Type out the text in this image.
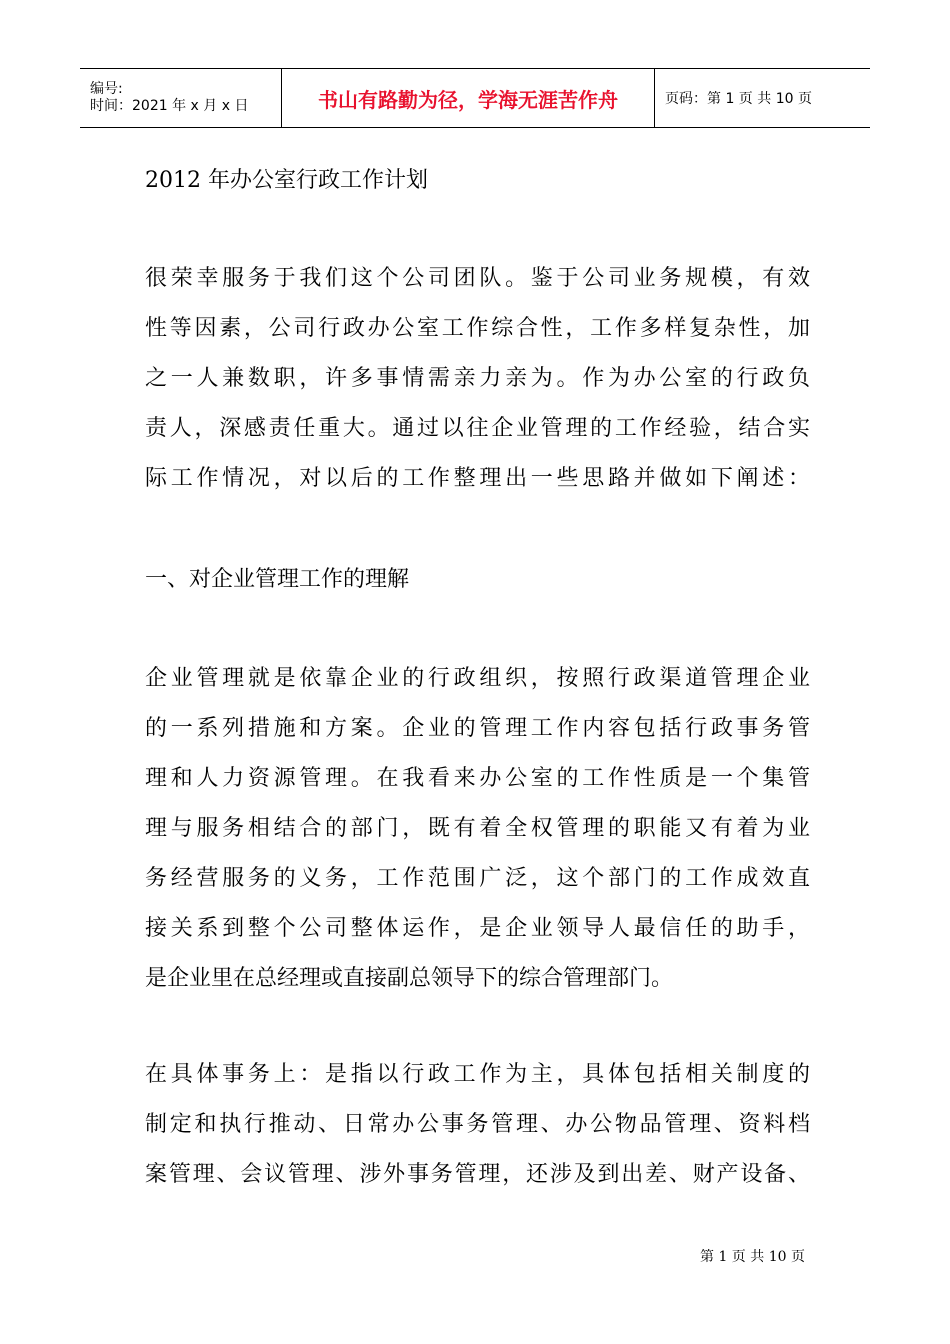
编号:
时间：2021 年 x 月 x 日	书山有路勤为径，学海无涯苦作舟	页码：第 1 页 共 10 页
2012 年办公室行政工作计划
很荣幸服务于我们这个公司团队。鉴于公司业务规模，有效
性等因素，公司行政办公室工作综合性，工作多样复杂性，加
之一人兼数职，许多事情需亲力亲为。作为办公室的行政负
责人，深感责任重大。通过以往企业管理的工作经验，结合实
际工作情况，对以后的工作整理出一些思路并做如下阐述：
一、对企业管理工作的理解
企业管理就是依靠企业的行政组织，按照行政渠道管理企业
的一系列措施和方案。企业的管理工作内容包括行政事务管
理和人力资源管理。在我看来办公室的工作性质是一个集管
理与服务相结合的部门，既有着全权管理的职能又有着为业
务经营服务的义务，工作范围广泛，这个部门的工作成效直
接关系到整个公司整体运作，是企业领导人最信任的助手，
是企业里在总经理或直接副总领导下的综合管理部门。
在具体事务上：是指以行政工作为主，具体包括相关制度的
制定和执行推动、日常办公事务管理、办公物品管理、资料档
案管理、会议管理、涉外事务管理，还涉及到出差、财产设备、
第 1 页 共 10 页
